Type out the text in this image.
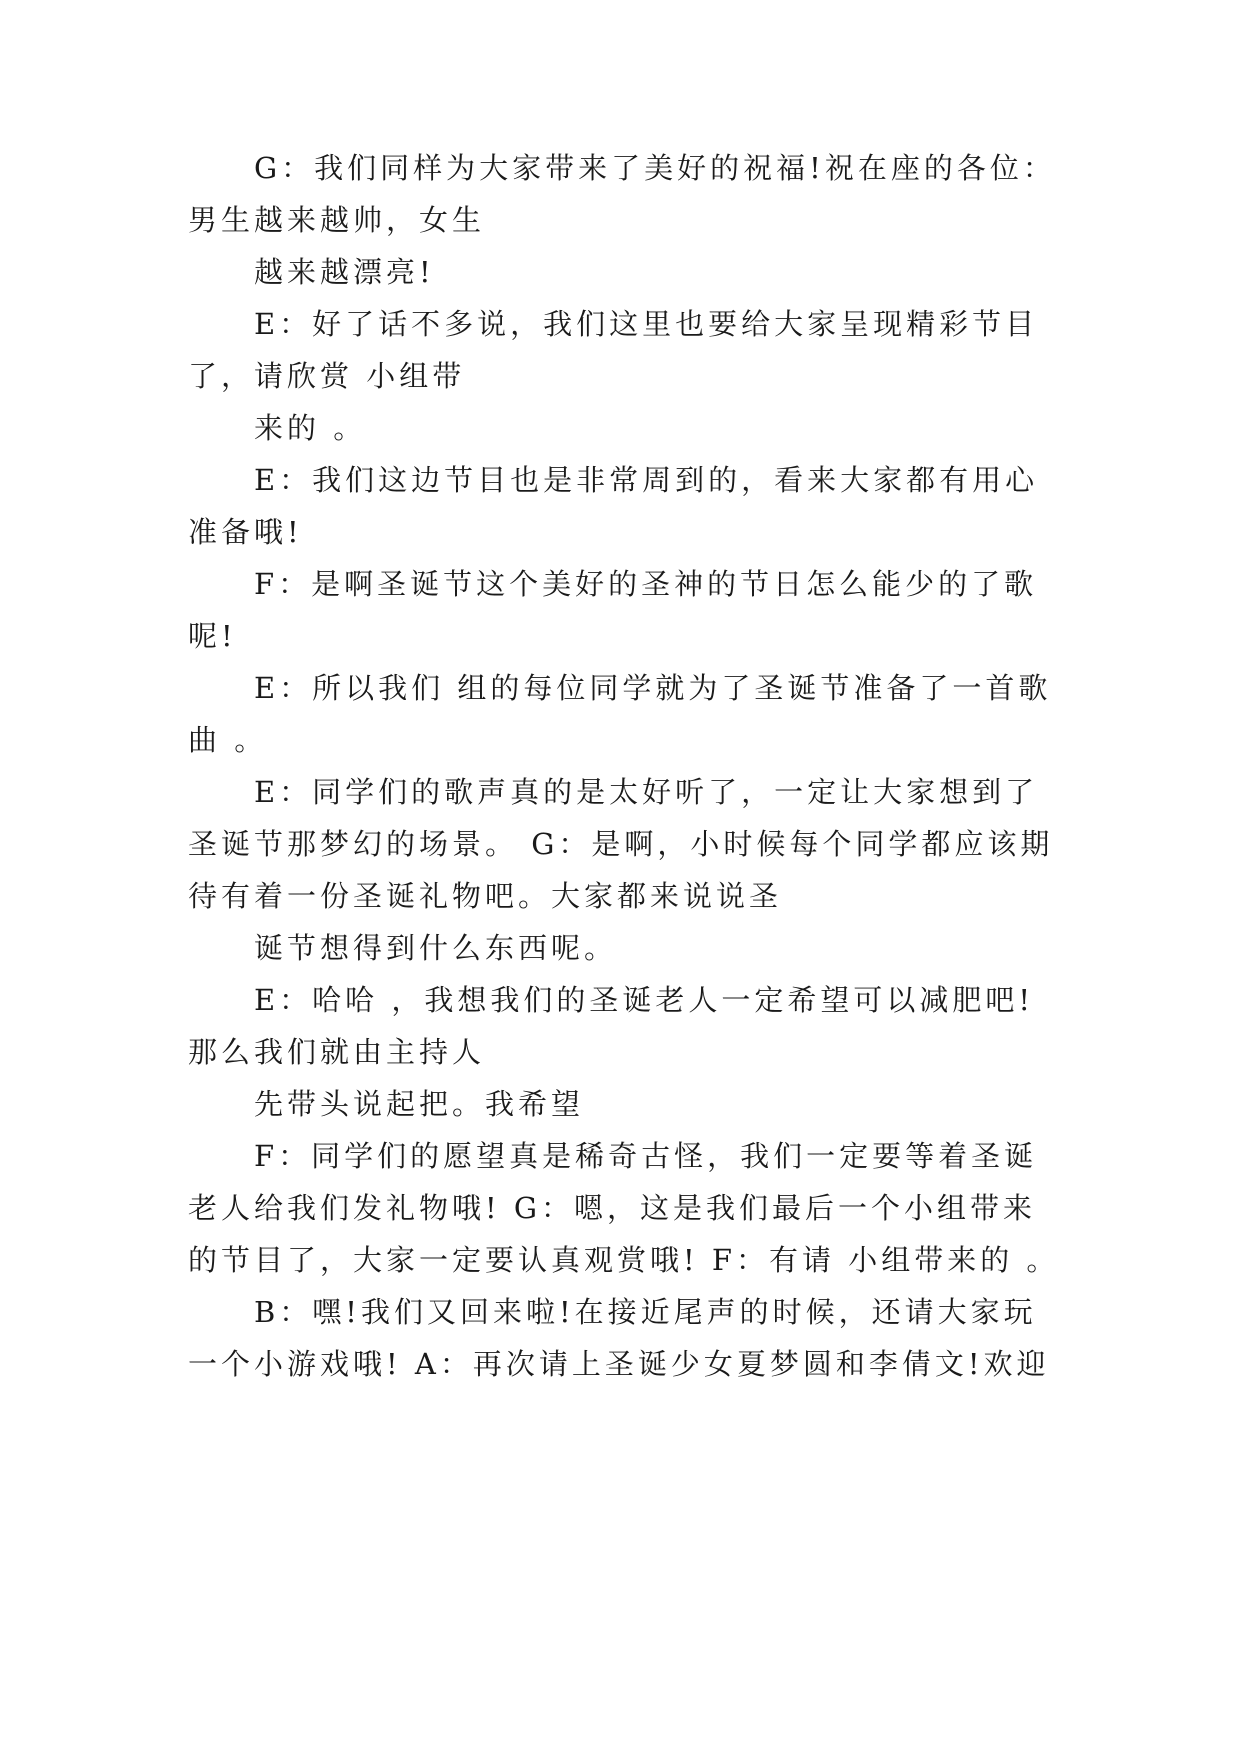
G：我们同样为大家带来了美好的祝福!祝在座的各位：
男生越来越帅，女生
越来越漂亮!
E：好了话不多说，我们这里也要给大家呈现精彩节目
了，请欣赏 小组带
来的 。
E：我们这边节目也是非常周到的，看来大家都有用心
准备哦!
F：是啊圣诞节这个美好的圣神的节日怎么能少的了歌
呢!
E：所以我们 组的每位同学就为了圣诞节准备了一首歌
曲 。
E：同学们的歌声真的是太好听了，一定让大家想到了
圣诞节那梦幻的场景。 G：是啊，小时候每个同学都应该期
待有着一份圣诞礼物吧。大家都来说说圣
诞节想得到什么东西呢。
E：哈哈 ，我想我们的圣诞老人一定希望可以减肥吧!
那么我们就由主持人
先带头说起把。我希望
F：同学们的愿望真是稀奇古怪，我们一定要等着圣诞
老人给我们发礼物哦! G：嗯，这是我们最后一个小组带来
的节目了，大家一定要认真观赏哦! F：有请 小组带来的 。
B：嘿!我们又回来啦!在接近尾声的时候，还请大家玩
一个小游戏哦! A：再次请上圣诞少女夏梦圆和李倩文!欢迎
